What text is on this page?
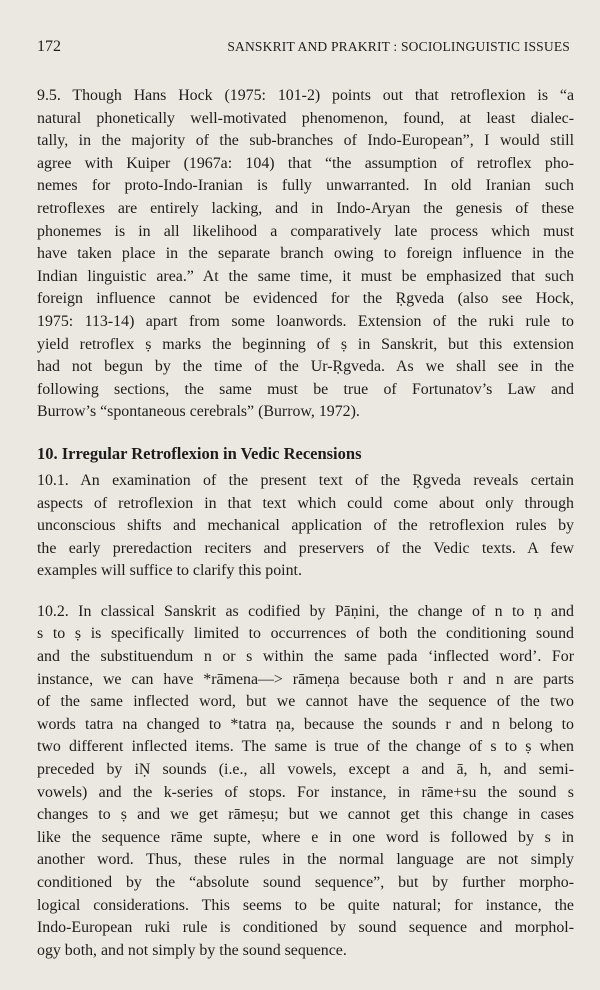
172	SANSKRIT AND PRAKRIT : SOCIOLINGUISTIC ISSUES
9.5. Though Hans Hock (1975: 101-2) points out that retroflexion is “a
natural phonetically well-motivated phenomenon, found, at least dialec-
tally, in the majority of the sub-branches of Indo-European”, I would still
agree with Kuiper (1967a: 104) that “the assumption of retroflex pho-
nemes for proto-Indo-Iranian is fully unwarranted. In old Iranian such
retroflexes are entirely lacking, and in Indo-Aryan the genesis of these
phonemes is in all likelihood a comparatively late process which must
have taken place in the separate branch owing to foreign influence in the
Indian linguistic area.” At the same time, it must be emphasized that such
foreign influence cannot be evidenced for the Ṛgveda (also see Hock,
1975: 113-14) apart from some loanwords. Extension of the ruki rule to
yield retroflex ṣ marks the beginning of ṣ in Sanskrit, but this extension
had not begun by the time of the Ur-Ṛgveda. As we shall see in the
following sections, the same must be true of Fortunatov’s Law and
Burrow’s “spontaneous cerebrals” (Burrow, 1972).
10. Irregular Retroflexion in Vedic Recensions
10.1. An examination of the present text of the Ṛgveda reveals certain
aspects of retroflexion in that text which could come about only through
unconscious shifts and mechanical application of the retroflexion rules by
the early preredaction reciters and preservers of the Vedic texts. A few
examples will suffice to clarify this point.
10.2. In classical Sanskrit as codified by Pāṇini, the change of n to ṇ and
s to ṣ is specifically limited to occurrences of both the conditioning sound
and the substituendum n or s within the same pada ‘inflected word’. For
instance, we can have *rāmena—> rāmeṇa because both r and n are parts
of the same inflected word, but we cannot have the sequence of the two
words tatra na changed to *tatra ṇa, because the sounds r and n belong to
two different inflected items. The same is true of the change of s to ṣ when
preceded by iṆ sounds (i.e., all vowels, except a and ā, h, and semi-
vowels) and the k-series of stops. For instance, in rāme+su the sound s
changes to ṣ and we get rāmeṣu; but we cannot get this change in cases
like the sequence rāme supte, where e in one word is followed by s in
another word. Thus, these rules in the normal language are not simply
conditioned by the “absolute sound sequence”, but by further morpho-
logical considerations. This seems to be quite natural; for instance, the
Indo-European ruki rule is conditioned by sound sequence and morphol-
ogy both, and not simply by the sound sequence.
